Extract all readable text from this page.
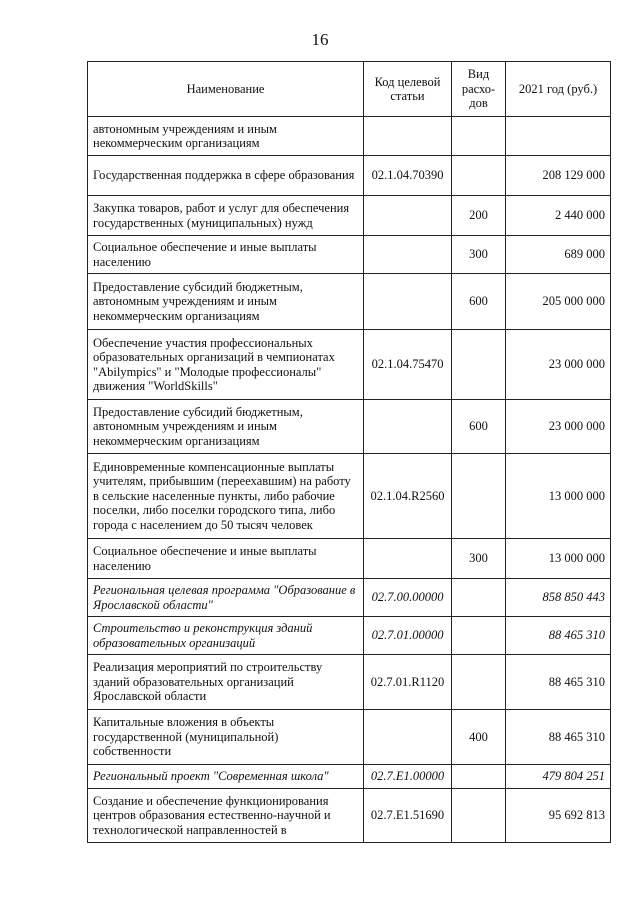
16
Наименование	Код целевой статьи	Вид расхо-дов	2021 год (руб.)
автономным учреждениям и иным некоммерческим организациям			
Государственная поддержка в сфере образования	02.1.04.70390		208 129 000
Закупка товаров, работ и услуг для обеспечения государственных (муниципальных) нужд		200	2 440 000
Социальное обеспечение и иные выплаты населению		300	689 000
Предоставление субсидий бюджетным, автономным учреждениям и иным некоммерческим организациям		600	205 000 000
Обеспечение участия профессиональных образовательных организаций в чемпионатах "Abilympics" и "Молодые профессионалы" движения "WorldSkills"	02.1.04.75470		23 000 000
Предоставление субсидий бюджетным, автономным учреждениям и иным некоммерческим организациям		600	23 000 000
Единовременные компенсационные выплаты учителям, прибывшим (переехавшим) на работу в сельские населенные пункты, либо рабочие поселки, либо поселки городского типа, либо города с населением до 50 тысяч человек	02.1.04.R2560		13 000 000
Социальное обеспечение и иные выплаты населению		300	13 000 000
Региональная целевая программа "Образование в Ярославской области"	02.7.00.00000		858 850 443
Строительство и реконструкция зданий образовательных организаций	02.7.01.00000		88 465 310
Реализация мероприятий по строительству зданий образовательных организаций Ярославской области	02.7.01.R1120		88 465 310
Капитальные вложения в объекты государственной (муниципальной) собственности		400	88 465 310
Региональный проект "Современная школа"	02.7.Е1.00000		479 804 251
Создание и обеспечение функционирования центров образования естественно-научной и технологической направленностей в	02.7.Е1.51690		95 692 813
